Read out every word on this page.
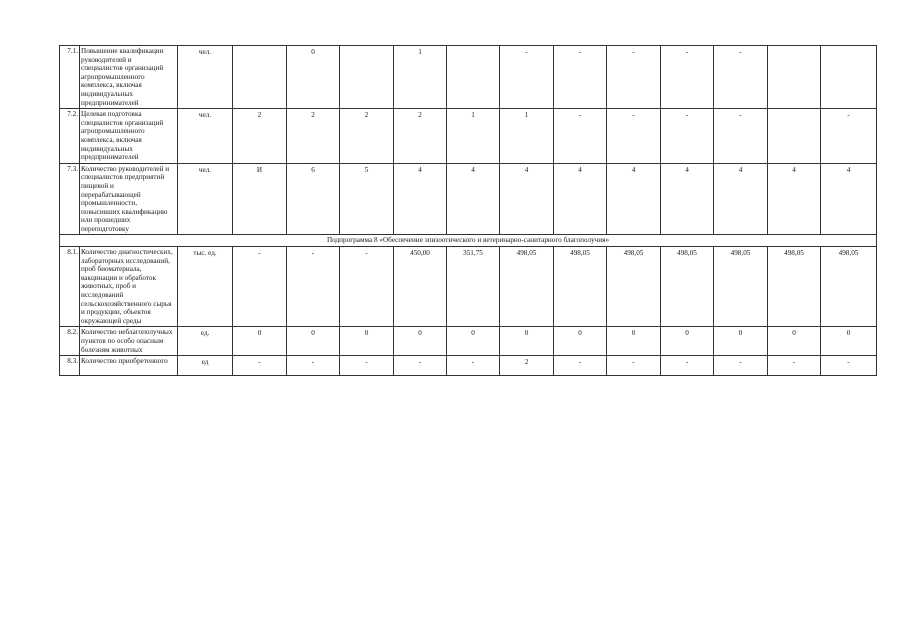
7.1.	Повышение квалификации руководителей и специалистов организаций агропромышленного комплекса, включая индивидуальных предпринимателей	чел.		0		1		-	-	-	-	-		
7.2.	Целевая подготовка специалистов организаций агропромышленного комплекса, включая индивидуальных предпринимателей	чел.	2	2	2	2	1	1	-	-	-	-		-
7.3.	Количество руководителей и специалистов предприятий пищевой и перерабатывающей промышленности, повысивших квалификацию или прошедших переподготовку	чел.	И	6	5	4	4	4	4	4	4	4	4	4
Подпрограмма 8 «Обеспечение эпизоотического и ветеринарно-санитарного благополучия»														
8.1.	Количество диагностических, лабораторных исследований, проб биоматериала, вакцинации и обработок животных, проб и исследований сельскохозяйственного сырья и продукции, объектов окружающей среды	тыс. ед.	-	-	-	450,00	351,75	498,05	498,05	498,05	498,05	498,05	498,05	498,05
8.2.	Количество неблагополучных пунктов по особо опасным болезням животных	ед.	0	0	0	0	0	0	0	0	0	0	0	0
8.3.	Количество приобретенного	ед	-	-	-	-	-	2	-	-	-	-	-	-
